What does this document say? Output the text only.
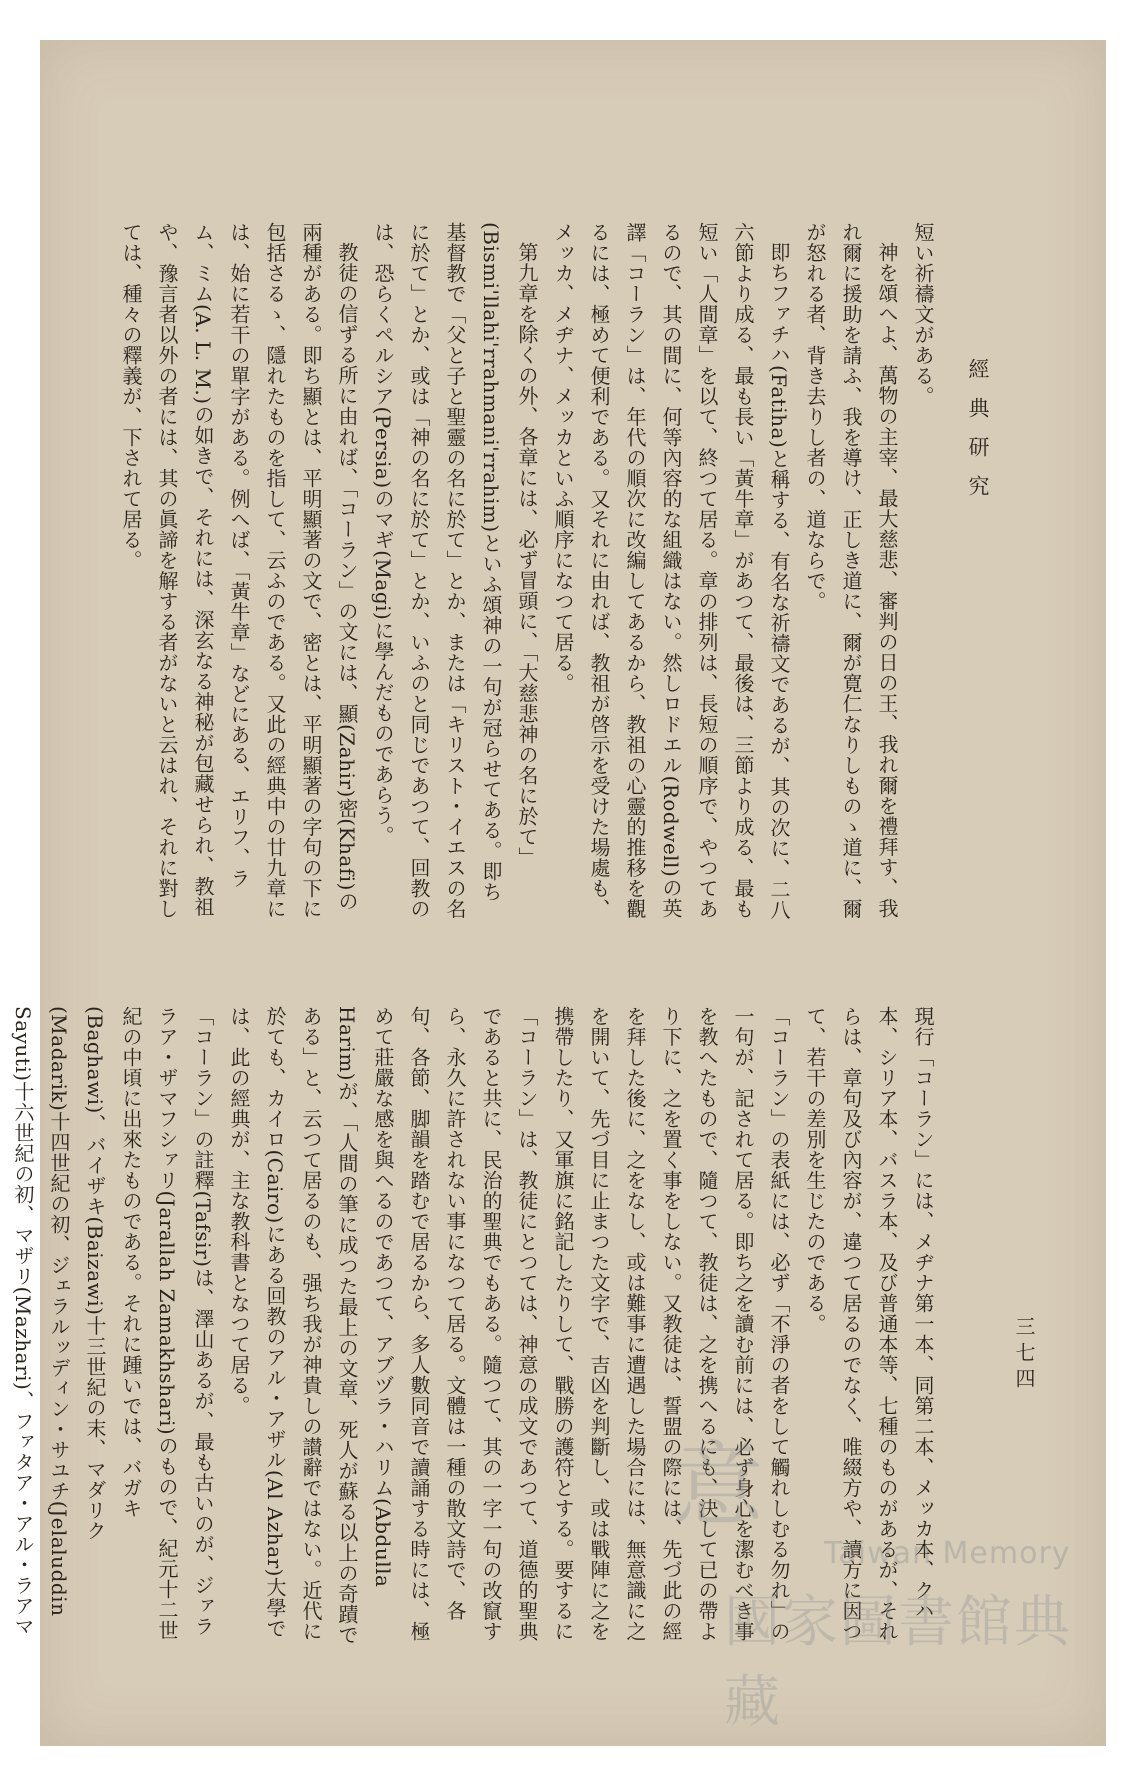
經典研究
三七四

短い祈禱文がある。

神を頌へよ、萬物の主宰、最大慈悲、審判の日の王、我れ爾を禮拜す、我れ爾に援助を請ふ、我を導け、正しき道に、爾が寛仁なりしものゝ道に、爾が怒れる者、背き去りし者の、道ならで。

即ちファチハ(Fatiha)と稱する、有名な祈禱文であるが、其の次に、二八六節より成る、最も長い「黃牛章」があつて、最後は、三節より成る、最も短い「人間章」を以て、終つて居る。章の排列は、長短の順序で、やつてあるので、其の間に、何等內容的な組織はない。然しロドエル(Rodwell)の英譯「コーラン」は、年代の順次に改編してあるから、教祖の心靈的推移を觀るには、極めて便利である。又それに由れば、教祖が啓示を受けた場處も、メッカ、メヂナ、メッカといふ順序になつて居る。

第九章を除くの外、各章には、必ず冒頭に、「大慈悲神の名に於て」(Bismi'llahi'rrahmani'rrahim)といふ頌神の一句が冠らせてある。即ち基督教で「父と子と聖靈の名に於て」とか、または「キリスト・イエスの名に於て」とか、或は「神の名に於て」とか、いふのと同じであつて、回教のは、恐らくペルシア(Persia)のマギ(Magi)に學んだものであらう。

教徒の信ずる所に由れば、「コーラン」の文には、顯(Zahir)密(Khafi)の兩種がある。即ち顯とは、平明顯著の文で、密とは、平明顯著の字句の下に包括さるゝ、隱れたものを指して、云ふのである。又此の經典中の廿九章には、始に若干の單字がある。例へば、「黃牛章」などにある、エリフ、ラム、ミム(A. L. M.)の如きで、それには、深玄なる神秘が包藏せられ、教祖や、豫言者以外の者には、其の眞諦を解する者がないと云はれ、それに對しては、種々の釋義が、下されて居る。

現行「コーラン」には、メヂナ第一本、同第二本、メッカ本、クハ本、シリア本、バスラ本、及び普通本等、七種のものがあるが、それらは、章句及び內容が、違つて居るのでなく、唯綴方や、讀方に因つて、若干の差別を生じたのである。

「コーラン」の表紙には、必ず「不淨の者をして觸れしむる勿れ」の一句が、記されて居る。即ち之を讀む前には、必ず身心を潔むべき事を教へたもので、隨つて、教徒は、之を携へるにも、決して已の帶より下に、之を置く事をしない。又教徒は、誓盟の際には、先づ此の經を拜した後に、之をなし、或は難事に遭遇した場合には、無意識に之を開いて、先づ目に止まつた文字で、吉凶を判斷し、或は戰陣に之を携帶したり、又軍旗に銘記したりして、戰勝の護符とする。要するに「コーラン」は、教徒にとつては、神意の成文であつて、道德的聖典であると共に、民治的聖典でもある。隨つて、其の一字一句の改竄すら、永久に許されない事になつて居る。文體は一種の散文詩で、各句、各節、脚韻を踏むで居るから、多人數同音で讀誦する時には、極めて莊嚴な感を與へるのであつて、アブヅラ・ハリム(Abdulla Harim)が、「人間の筆に成つた最上の文章、死人が蘇る以上の奇蹟である」と、云つて居るのも、强ち我が神貴しの讃辭ではない。近代に於ても、カイロ(Cairo)にある回教のアル・アザル(Al Azhar)大學では、此の經典が、主な教科書となつて居る。

「コーラン」の註釋(Tafsir)は、澤山あるが、最も古いのが、ジァララア・ザマフシァリ(Jarallah Zamakhshari)のもので、紀元十二世紀の中頃に出來たものである。それに踵いでは、バガキ(Baghawi)、バイザキ(Baizawi)十三世紀の末、マダリク(Madarik)十四世紀の初、ジェラルッディン・サユチ(Jelaluddin Sayuti)十六世紀の初、マザリ(Mazhari)、ファタア・アル・ラアマ

意
Taiwan Memory
國家圖書館典藏
